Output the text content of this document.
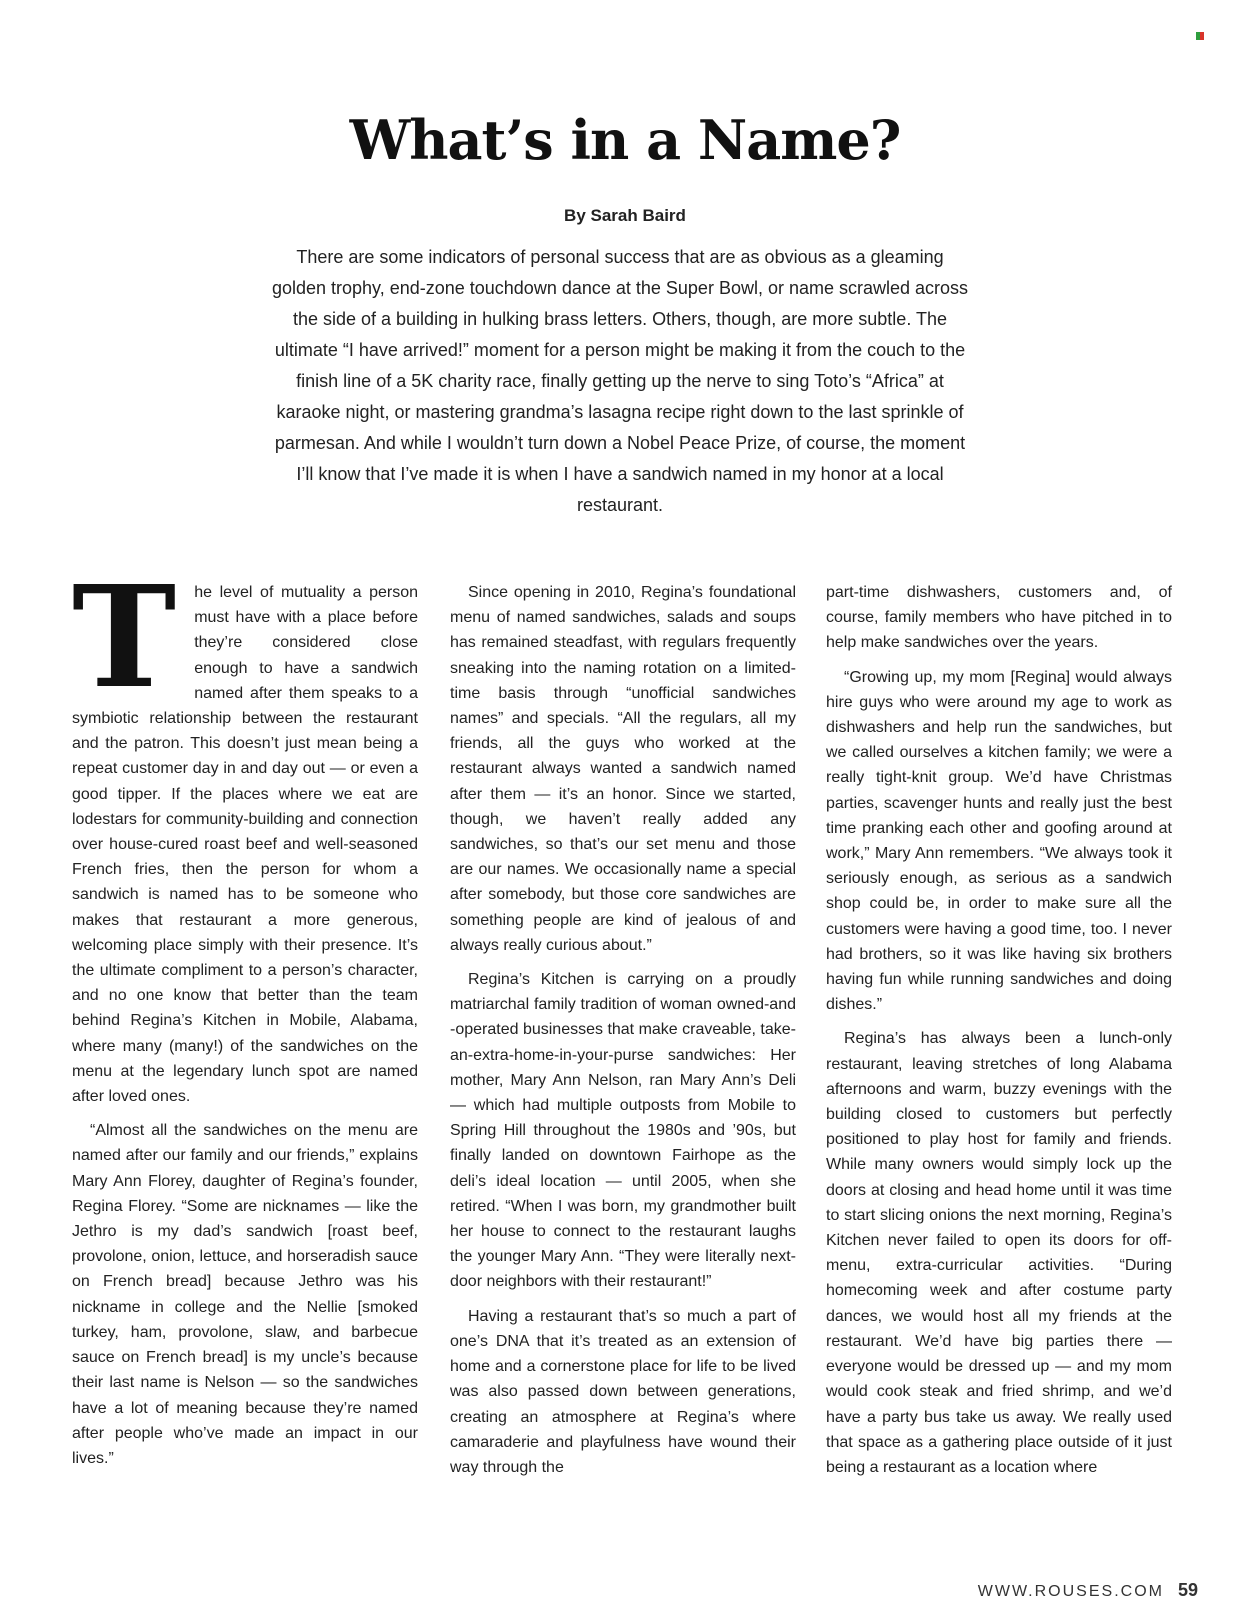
What’s in a Name?
By Sarah Baird

There are some indicators of personal success that are as obvious as a gleaming golden trophy, end-zone touchdown dance at the Super Bowl, or name scrawled across the side of a building in hulking brass letters. Others, though, are more subtle. The ultimate “I have arrived!” moment for a person might be making it from the couch to the finish line of a 5K charity race, finally getting up the nerve to sing Toto’s “Africa” at karaoke night, or mastering grandma’s lasagna recipe right down to the last sprinkle of parmesan. And while I wouldn’t turn down a Nobel Peace Prize, of course, the moment I’ll know that I’ve made it is when I have a sandwich named in my honor at a local restaurant.

T he level of mutuality a person must have with a place before they’re considered close enough to have a sandwich named after them speaks to a symbiotic relationship between the restaurant and the patron. This doesn’t just mean being a repeat customer day in and day out — or even a good tipper. If the places where we eat are lodestars for community-building and connection over house-cured roast beef and well-seasoned French fries, then the person for whom a sandwich is named has to be someone who makes that restaurant a more generous, welcoming place simply with their presence. It’s the ultimate compliment to a person’s character, and no one know that better than the team behind Regina’s Kitchen in Mobile, Alabama, where many (many!) of the sandwiches on the menu at the legendary lunch spot are named after loved ones.

“Almost all the sandwiches on the menu are named after our family and our friends,” explains Mary Ann Florey, daughter of Regina’s founder, Regina Florey. “Some are nicknames — like the Jethro is my dad’s sandwich [roast beef, provolone, onion, lettuce, and horseradish sauce on French bread] because Jethro was his nickname in college and the Nellie [smoked turkey, ham, provolone, slaw, and barbecue sauce on French bread] is my uncle’s because their last name is Nelson — so the sandwiches have a lot of meaning because they’re named after people who’ve made an impact in our lives.”

Since opening in 2010, Regina’s foundational menu of named sandwiches, salads and soups has remained steadfast, with regulars frequently sneaking into the naming rotation on a limited-time basis through “unofficial sandwiches names” and specials. “All the regulars, all my friends, all the guys who worked at the restaurant always wanted a sandwich named after them — it’s an honor. Since we started, though, we haven’t really added any sandwiches, so that’s our set menu and those are our names. We occasionally name a special after somebody, but those core sandwiches are something people are kind of jealous of and always really curious about.”

Regina’s Kitchen is carrying on a proudly matriarchal family tradition of woman owned-and -operated businesses that make craveable, take-an-extra-home-in-your-purse sandwiches: Her mother, Mary Ann Nelson, ran Mary Ann’s Deli — which had multiple outposts from Mobile to Spring Hill throughout the 1980s and ’90s, but finally landed on downtown Fairhope as the deli’s ideal location — until 2005, when she retired. “When I was born, my grandmother built her house to connect to the restaurant laughs the younger Mary Ann. “They were literally next-door neighbors with their restaurant!”

Having a restaurant that’s so much a part of one’s DNA that it’s treated as an extension of home and a cornerstone place for life to be lived was also passed down between generations, creating an atmosphere at Regina’s where camaraderie and playfulness have wound their way through the

part-time dishwashers, customers and, of course, family members who have pitched in to help make sandwiches over the years.

“Growing up, my mom [Regina] would always hire guys who were around my age to work as dishwashers and help run the sandwiches, but we called ourselves a kitchen family; we were a really tight-knit group. We’d have Christmas parties, scavenger hunts and really just the best time pranking each other and goofing around at work,” Mary Ann remembers. “We always took it seriously enough, as serious as a sandwich shop could be, in order to make sure all the customers were having a good time, too. I never had brothers, so it was like having six brothers having fun while running sandwiches and doing dishes.”

Regina’s has always been a lunch-only restaurant, leaving stretches of long Alabama afternoons and warm, buzzy evenings with the building closed to customers but perfectly positioned to play host for family and friends. While many owners would simply lock up the doors at closing and head home until it was time to start slicing onions the next morning, Regina’s Kitchen never failed to open its doors for off-menu, extra-curricular activities. “During homecoming week and after costume party dances, we would host all my friends at the restaurant. We’d have big parties there — everyone would be dressed up — and my mom would cook steak and fried shrimp, and we’d have a party bus take us away. We really used that space as a gathering place outside of it just being a restaurant as a location where

WWW.ROUSES.COM 59
